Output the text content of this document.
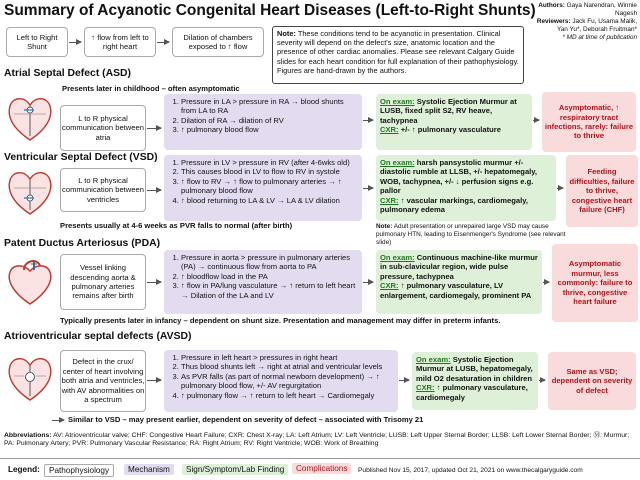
Summary of Acyanotic Congenital Heart Diseases (Left-to-Right Shunts) Authors: Gaya Narendran, Winnie Nagesh
Reviewers: Jack Fu, Usama Malik, Yan Yu*, Deborah Fruitman*
* MD at time of publication
Left to Right Shunt
↑ flow from left to right heart
Dilation of chambers exposed to ↑ flow
Note: These conditions tend to be acyanotic in presentation. Clinical severity will depend on the defect's size, anatomic location and the presence of other cardiac anomalies. Please see relevant Calgary Guide slides for each heart condition for full explanation of their pathophysiology.
Figures are hand-drawn by the authors.
Atrial Septal Defect (ASD)
Presents later in childhood – often asymptomatic
L to R physical communication between atria
1. Pressure in LA > pressure in RA → blood shunts from LA to RA
2. Dilation of RA → dilation of RV
3. ↑ pulmonary blood flow
On exam: Systolic Ejection Murmur at LUSB, fixed split S2, RV heave, tachypnea
CXR: +/- ↑ pulmonary vasculature
Asymptomatic, ↑ respiratory tract infections, rarely: failure to thrive
Ventricular Septal Defect (VSD)
L to R physical communication between ventricles
1. Pressure in LV > pressure in RV (after 4-6wks old)
2. This causes blood in LV to flow to RV in systole
3. ↑ flow to RV → ↑ flow to pulmonary arteries → ↑ pulmonary blood flow
4. ↑ blood returning to LA & LV → LA & LV dilation
On exam: harsh pansystolic murmur +/- diastolic rumble at LLSB, +/- hepatomegaly, WOB, tachypnea, +/- ↓ perfusion signs e.g. pallor
CXR: ↑ vascular markings, cardiomegaly, pulmonary edema
Feeding difficulties, failure to thrive, congestive heart failure (CHF)
Presents usually at 4-6 weeks as PVR falls to normal (after birth)	Note: Adult presentation or unrepaired large VSD may cause pulmonary HTN, leading to Eisenmenger's Syndrome (see relevant slide)
Patent Ductus Arteriosus (PDA)
Vessel linking descending aorta & pulmonary arteries remains after birth
1. Pressure in aorta > pressure in pulmonary arteries (PA) → continuous flow from aorta to PA
2. ↑ bloodflow load in the PA
3. ↑ flow in PA/lung vasculature → ↑ return to left heart → Dilation of the LA and LV
On exam: Continuous machine-like murmur in sub-clavicular region, wide pulse pressure, tachypnea
CXR: ↑ pulmonary vasculature, LV enlargement, cardiomegaly, prominent PA
Asymptomatic murmur, less commonly: failure to thrive, congestive heart failure
Typically presents later in infancy – dependent on shunt size. Presentation and management may differ in preterm infants.
Atrioventricular septal defects (AVSD)
Defect in the crux/ center of heart involving both atria and ventricles, with AV abnormalities on a spectrum
1. Pressure in left heart > pressures in right heart
2. Thus blood shunts left → right at atrial and ventricular levels
3. As PVR falls (as part of normal newborn development) → ↑ pulmonary blood flow, +/- AV regurgitation
4. ↑ pulmonary flow → ↑ return to left heart → Cardiomegaly
On exam: Systolic Ejection Murmur at LUSB, hepatomegaly, mild O2 desaturation in children
CXR: ↑ pulmonary vasculature, cardiomegaly
Same as VSD; dependent on severity of defect
Similar to VSD – may present earlier, dependent on severity of defect – associated with Trisomy 21
Abbreviations: AV: Atrioventricular valve; CHF: Congestive Heart Failure; CXR: Chest X-ray; LA: Left Atrium; LV: Left Ventricle; LUSB: Left Upper Sternal Border; LLSB: Left Lower Sternal Border; Ⓜ: Murmur; PA: Pulmonary Artery; PVR: Pulmonary Vascular Resistance; RA: Right Atrium; RV: Right Ventricle; WOB: Work of Breathing
Legend:	Pathophysiology	Mechanism	Sign/Symptom/Lab Finding	Published Nov 15, 2017, updated Oct 21, 2021 on www.thecalgaryguide.com
Complications
